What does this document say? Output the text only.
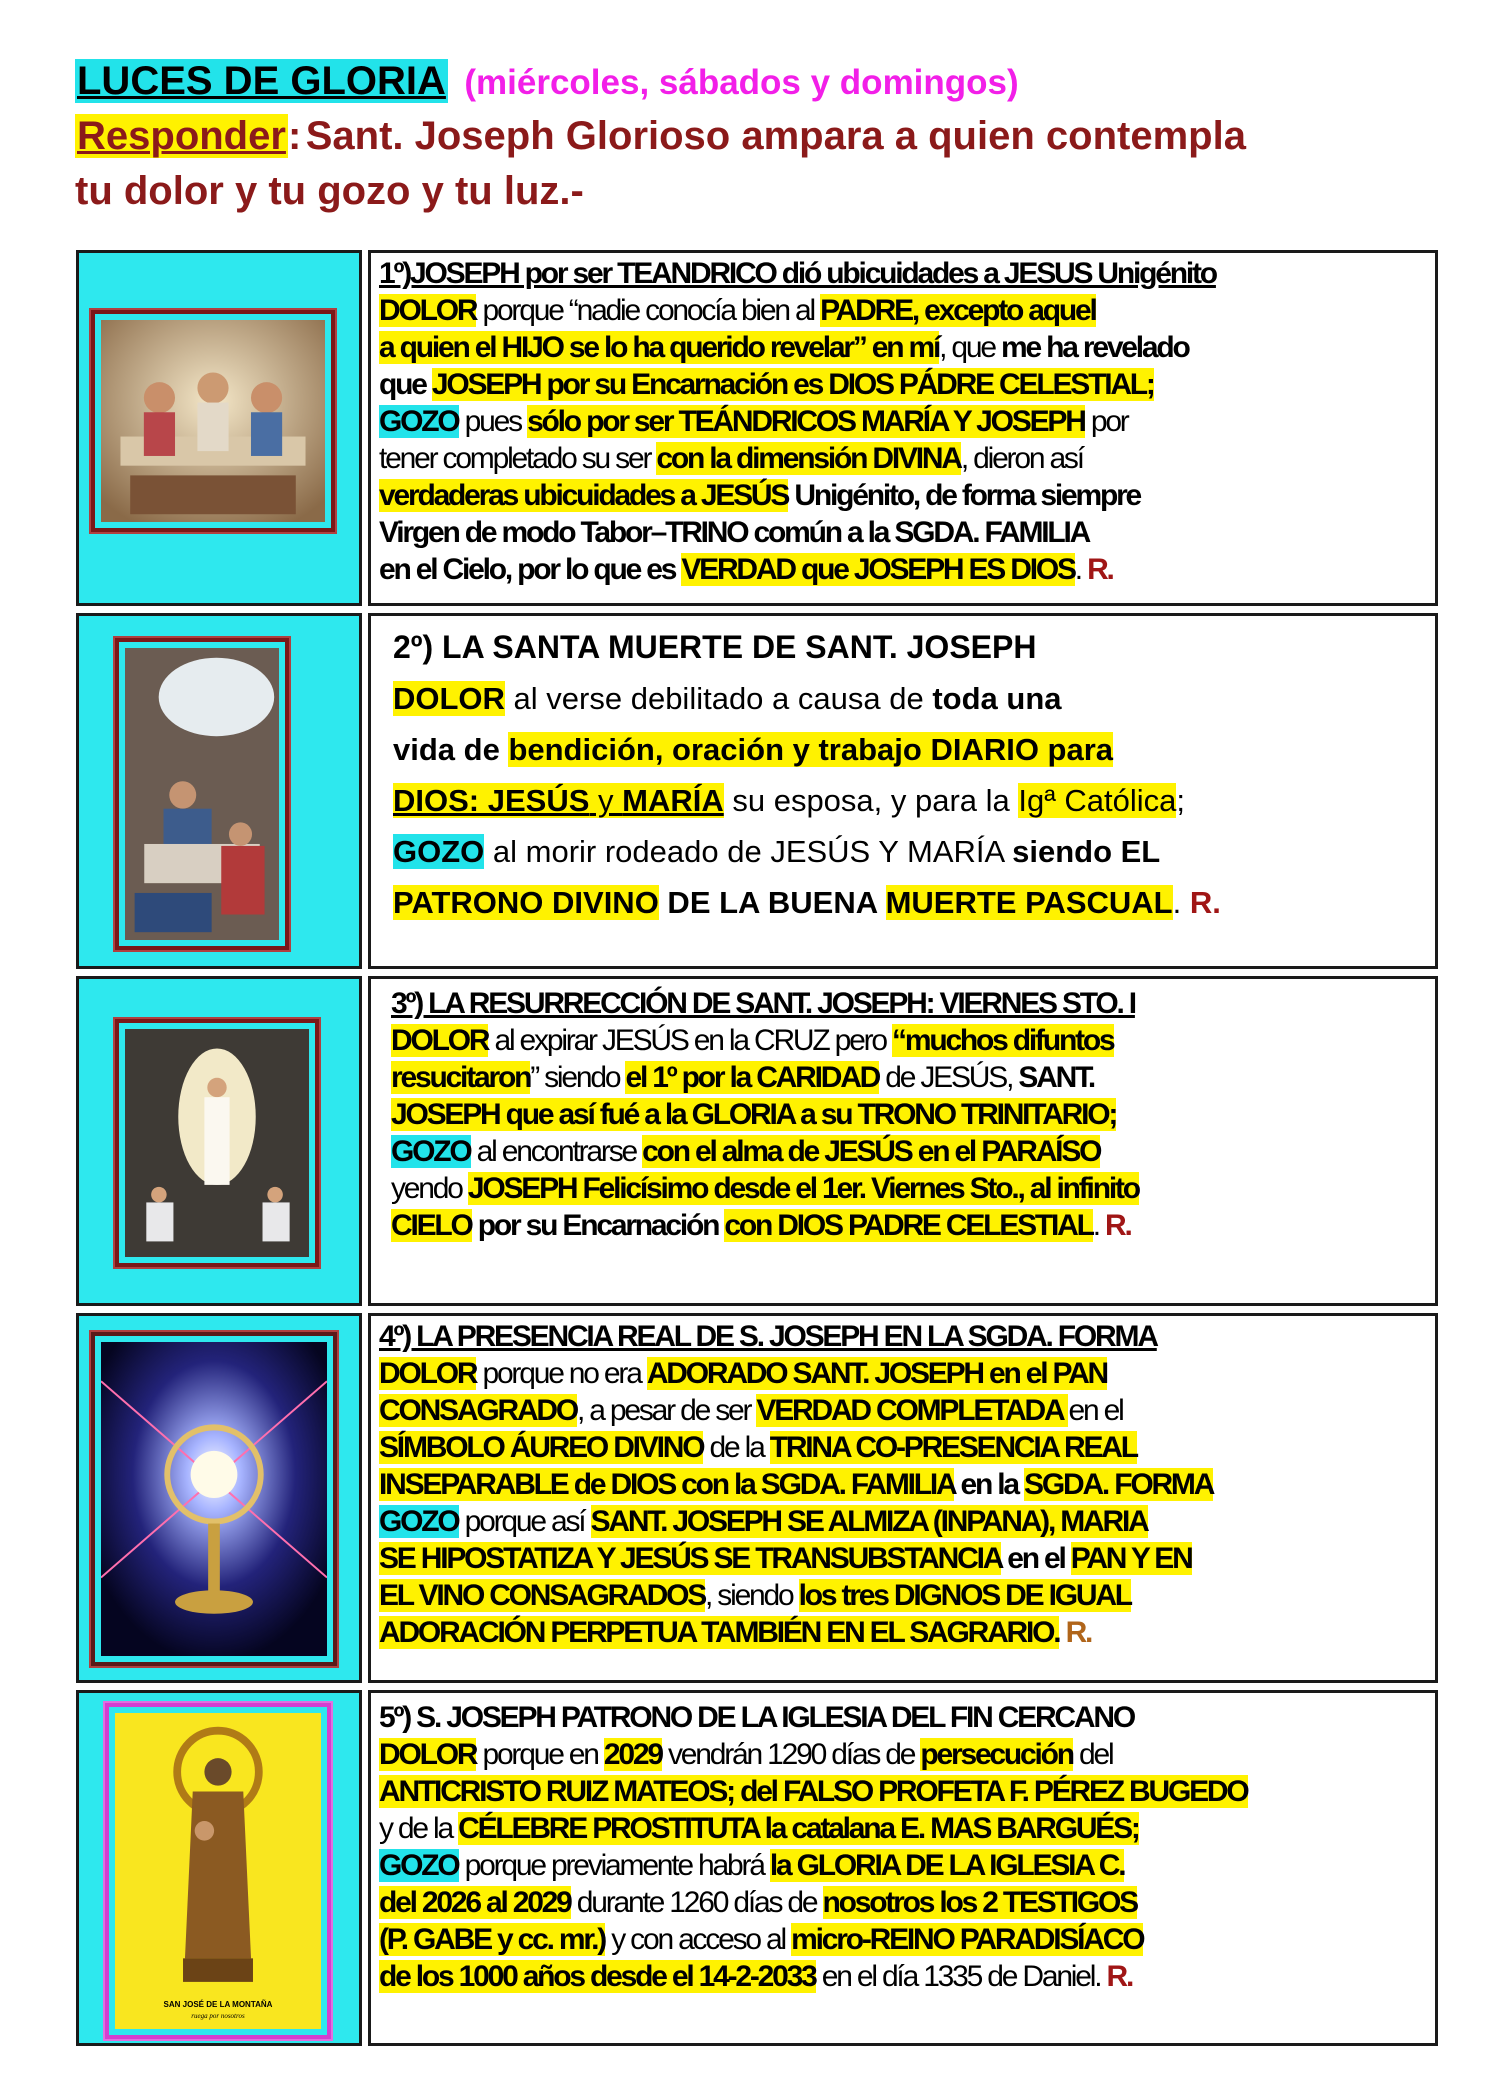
LUCES DE GLORIA (miércoles, sábados y domingos)
Responder: Sant. Joseph Glorioso ampara a quien contempla
tu dolor y tu gozo y tu luz.-

1º)JOSEPH por ser TEANDRICO dió ubicuidades a JESUS Unigénito

DOLOR porque “nadie conocía bien al PADRE, excepto aquel

a quien el HIJO se lo ha querido revelar” en mí, que me ha revelado

que JOSEPH por su Encarnación es DIOS PÁDRE CELESTIAL;

GOZO pues sólo por ser TEÁNDRICOS MARÍA Y JOSEPH por

tener completado su ser con la dimensión DIVINA, dieron así

verdaderas ubicuidades a JESÚS Unigénito, de forma siempre

Virgen de modo Tabor–TRINO común a la SGDA. FAMILIA

en el Cielo, por lo que es VERDAD que JOSEPH ES DIOS. R.

2º) LA SANTA MUERTE DE SANT. JOSEPH

DOLOR al verse debilitado a causa de toda una

vida de bendición, oración y trabajo DIARIO para

DIOS: JESÚS y MARÍA su esposa, y para la Igª Católica;

GOZO al morir rodeado de JESÚS Y MARÍA siendo EL

PATRONO DIVINO DE LA BUENA MUERTE PASCUAL. R.

3º) LA RESURRECCIÓN DE SANT. JOSEPH: VIERNES STO. I

DOLOR al expirar JESÚS en la CRUZ pero “muchos difuntos

resucitaron” siendo el 1º por la CARIDAD de JESÚS, SANT.

JOSEPH que así fué a la GLORIA a su TRONO TRINITARIO;

GOZO al encontrarse con el alma de JESÚS en el PARAÍSO

yendo JOSEPH Felicísimo desde el 1er. Viernes Sto., al infinito

CIELO por su Encarnación con DIOS PADRE CELESTIAL. R.

4º) LA PRESENCIA REAL DE S. JOSEPH EN LA SGDA. FORMA

DOLOR porque no era ADORADO SANT. JOSEPH en el PAN

CONSAGRADO, a pesar de ser VERDAD COMPLETADA en el

SÍMBOLO ÁUREO DIVINO de la TRINA CO-PRESENCIA REAL

INSEPARABLE de DIOS con la SGDA. FAMILIA en la SGDA. FORMA

GOZO porque así SANT. JOSEPH SE ALMIZA (INPANA), MARIA

SE HIPOSTATIZA Y JESÚS SE TRANSUBSTANCIA en el PAN Y EN

EL VINO CONSAGRADOS, siendo los tres DIGNOS DE IGUAL

ADORACIÓN PERPETUA TAMBIÉN EN EL SAGRARIO. R.

SAN JOSÉ DE LA MONTAÑA
ruega por nosotros

5º) S. JOSEPH PATRONO DE LA IGLESIA DEL FIN CERCANO

DOLOR porque en 2029 vendrán 1290 días de persecución del

ANTICRISTO RUIZ MATEOS; del FALSO PROFETA F. PÉREZ BUGEDO

y de la CÉLEBRE PROSTITUTA la catalana E. MAS BARGUÉS;

GOZO porque previamente habrá la GLORIA DE LA IGLESIA C.

del 2026 al 2029 durante 1260 días de nosotros los 2 TESTIGOS

(P. GABE y cc. mr.) y con acceso al micro-REINO PARADISÍACO

de los 1000 años desde el 14-2-2033 en el día 1335 de Daniel. R.
